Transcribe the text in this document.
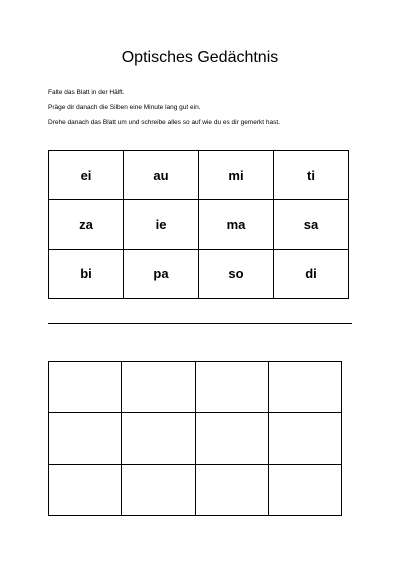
Optisches Gedächtnis
Falte das Blatt in der Hälft.
Präge dir danach die Silben eine Minute lang gut ein.
Drehe danach das Blatt um und schreibe alles so auf wie du es dir gemerkt hast.
ei	au	mi	ti
za	ie	ma	sa
bi	pa	so	di
